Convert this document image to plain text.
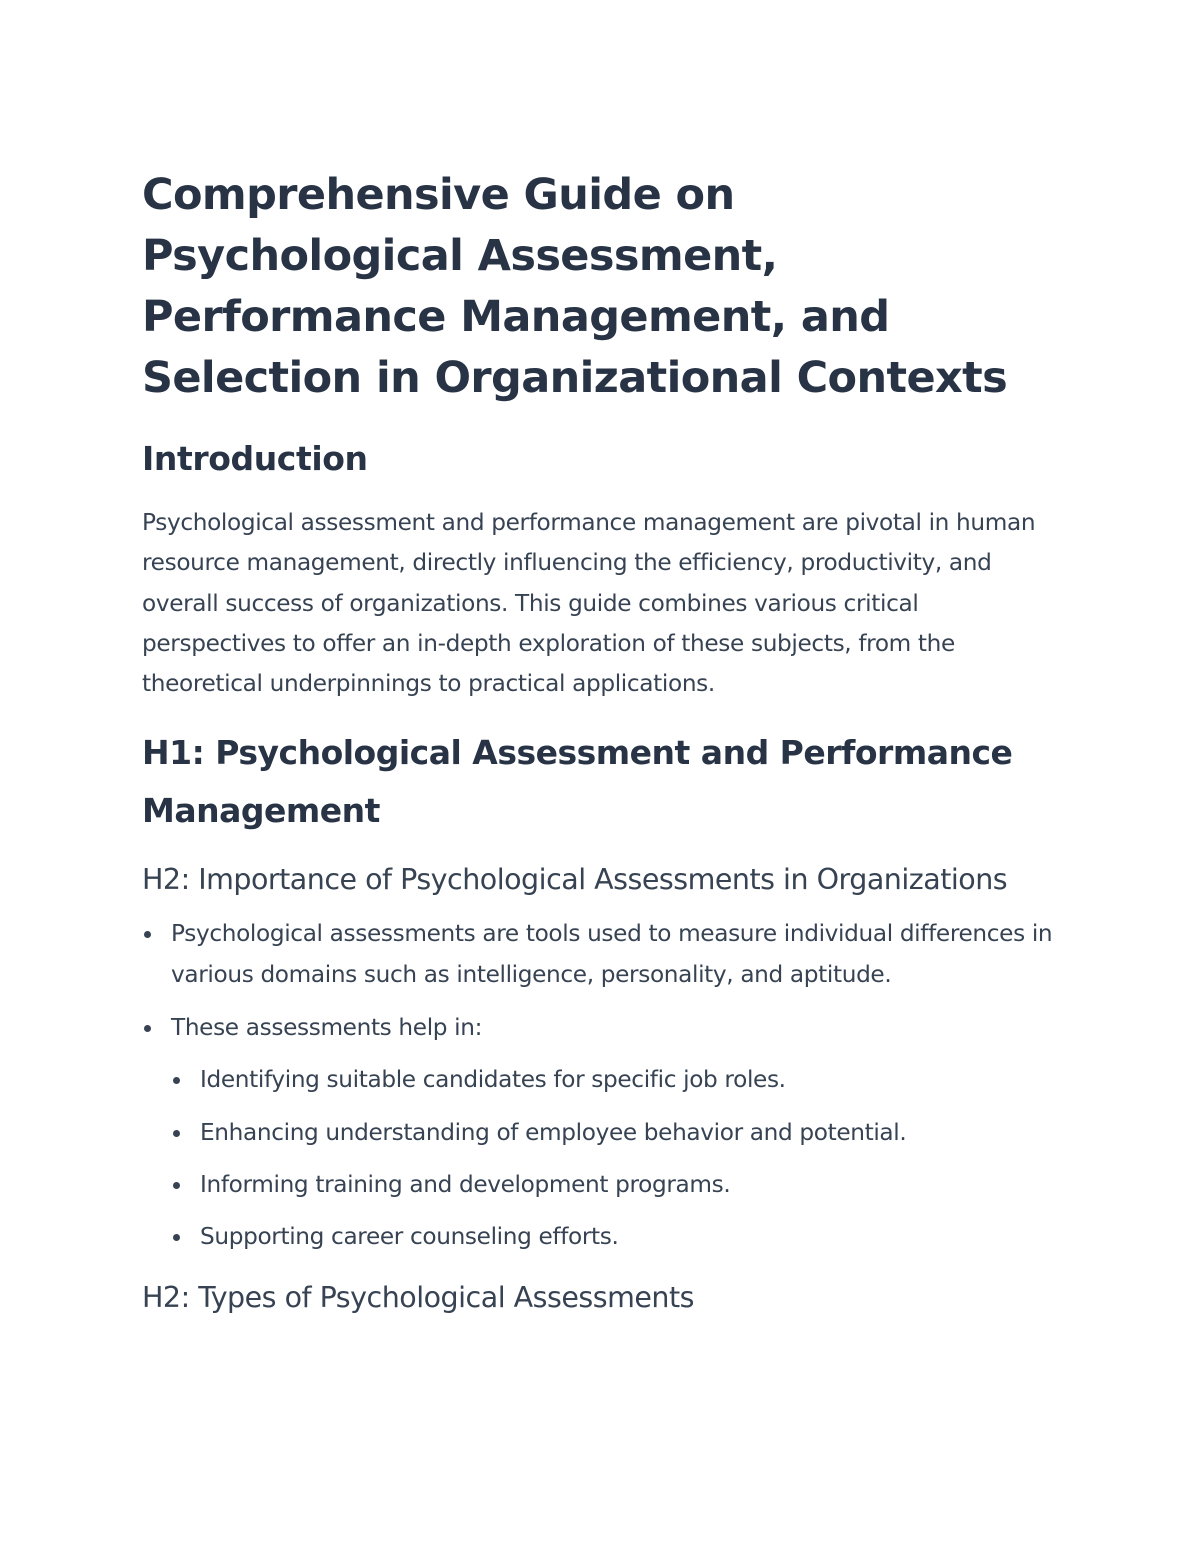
Comprehensive Guide on Psychological Assessment, Performance Management, and Selection in Organizational Contexts
Introduction

Psychological assessment and performance management are pivotal in human resource management, directly influencing the efficiency, productivity, and overall success of organizations. This guide combines various critical perspectives to offer an in-depth exploration of these subjects, from the theoretical underpinnings to practical applications.

H1: Psychological Assessment and Performance Management
H2: Importance of Psychological Assessments in Organizations
Psychological assessments are tools used to measure individual differences in various domains such as intelligence, personality, and aptitude.
These assessments help in:
Identifying suitable candidates for specific job roles.
Enhancing understanding of employee behavior and potential.
Informing training and development programs.
Supporting career counseling efforts.
H2: Types of Psychological Assessments
